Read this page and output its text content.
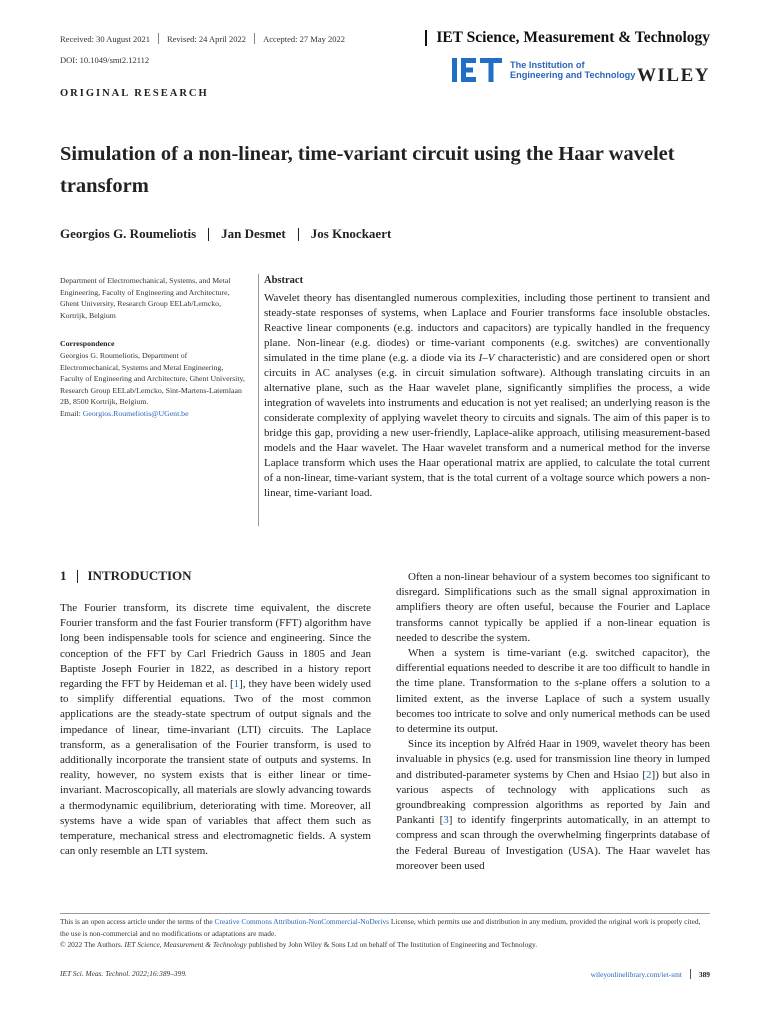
Received: 30 August 2021 Revised: 24 April 2022 Accepted: 27 May 2022	IET Science, Measurement & Technology
DOI: 10.1049/smt2.12112
ORIGINAL RESEARCH
The Institution of
Engineering and Technology WILEY
Simulation of a non-linear, time-variant circuit using the Haar wavelet transform
Georgios G. Roumeliotis Jan Desmet Jos Knockaert
Department of Electromechanical, Systems, and Metal Engineering, Faculty of Engineering and Architecture, Ghent University, Research Group EELab/Lemcko, Kortrijk, Belgium
Correspondence
Georgios G. Roumeliotis, Department of Electromechanical, Systems and Metal Engineering, Faculty of Engineering and Architecture, Ghent University, Research Group EELab/Lemcko, Sint-Martens-Latemlaan 2B, 8500 Kortrijk, Belgium.
Email: Georgios.Roumeliotis@UGent.be
Abstract
Wavelet theory has disentangled numerous complexities, including those pertinent to transient and steady-state responses of systems, when Laplace and Fourier transforms face insoluble obstacles. Reactive linear components (e.g. inductors and capacitors) are typically handled in the frequency plane. Non-linear (e.g. diodes) or time-variant components (e.g. switches) are conventionally simulated in the time plane (e.g. a diode via its I–V characteristic) and are considered open or short circuits in AC analyses (e.g. in circuit simulation software). Although translating circuits in an alternative plane, such as the Haar wavelet plane, significantly simplifies the process, a wide integration of wavelets into instruments and education is not yet realised; an underlying reason is the considerate complexity of applying wavelet theory to circuits and signals. The aim of this paper is to bridge this gap, providing a new user-friendly, Laplace-alike approach, utilising measurement-based models and the Haar wavelet. The Haar wavelet transform and a numerical method for the inverse Laplace transform which uses the Haar operational matrix are applied, to calculate the total current of a non-linear, time-variant system, that is the total current of a voltage source which powers a non-linear, time-variant load.
1 INTRODUCTION

The Fourier transform, its discrete time equivalent, the discrete Fourier transform and the fast Fourier transform (FFT) algorithm have long been indispensable tools for science and engineering. Since the conception of the FFT by Carl Friedrich Gauss in 1805 and Jean Baptiste Joseph Fourier in 1822, as described in a history report regarding the FFT by Heideman et al. [1], they have been widely used to simplify differential equations. Two of the most common applications are the steady-state spectrum of output signals and the impedance of linear, time-invariant (LTI) circuits. The Laplace transform, as a generalisation of the Fourier transform, is used to additionally incorporate the transient state of outputs and systems. In reality, however, no system exists that is either linear or time-invariant. Macroscopically, all materials are slowly advancing towards a thermodynamic equilibrium, deteriorating with time. Moreover, all systems have a wide span of variables that affect them such as temperature, mechanical stress and electromagnetic fields. A system can only resemble an LTI system.

Often a non-linear behaviour of a system becomes too significant to disregard. Simplifications such as the small signal approximation in amplifiers theory are often useful, because the Fourier and Laplace transforms cannot typically be applied if a non-linear equation is needed to describe the system.

When a system is time-variant (e.g. switched capacitor), the differential equations needed to describe it are too difficult to handle in the time plane. Transformation to the s-plane offers a solution to a limited extent, as the inverse Laplace of such a system usually becomes too intricate to solve and only numerical methods can be used to determine its output.

Since its inception by Alfréd Haar in 1909, wavelet theory has been invaluable in physics (e.g. used for transmission line theory in lumped and distributed-parameter systems by Chen and Hsiao [2]) but also in various aspects of technology with applications such as groundbreaking compression algorithms as reported by Jain and Pankanti [3] to identify fingerprints automatically, in an attempt to compress and scan through the overwhelming fingerprints database of the Federal Bureau of Investigation (USA). The Haar wavelet has moreover been used

This is an open access article under the terms of the Creative Commons Attribution-NonCommercial-NoDerivs License, which permits use and distribution in any medium, provided the original work is properly cited, the use is non-commercial and no modifications or adaptations are made.
© 2022 The Authors. IET Science, Measurement & Technology published by John Wiley & Sons Ltd on behalf of The Institution of Engineering and Technology.
IET Sci. Meas. Technol. 2022;16:389–399.	wileyonlinelibrary.com/iet-smt 389
